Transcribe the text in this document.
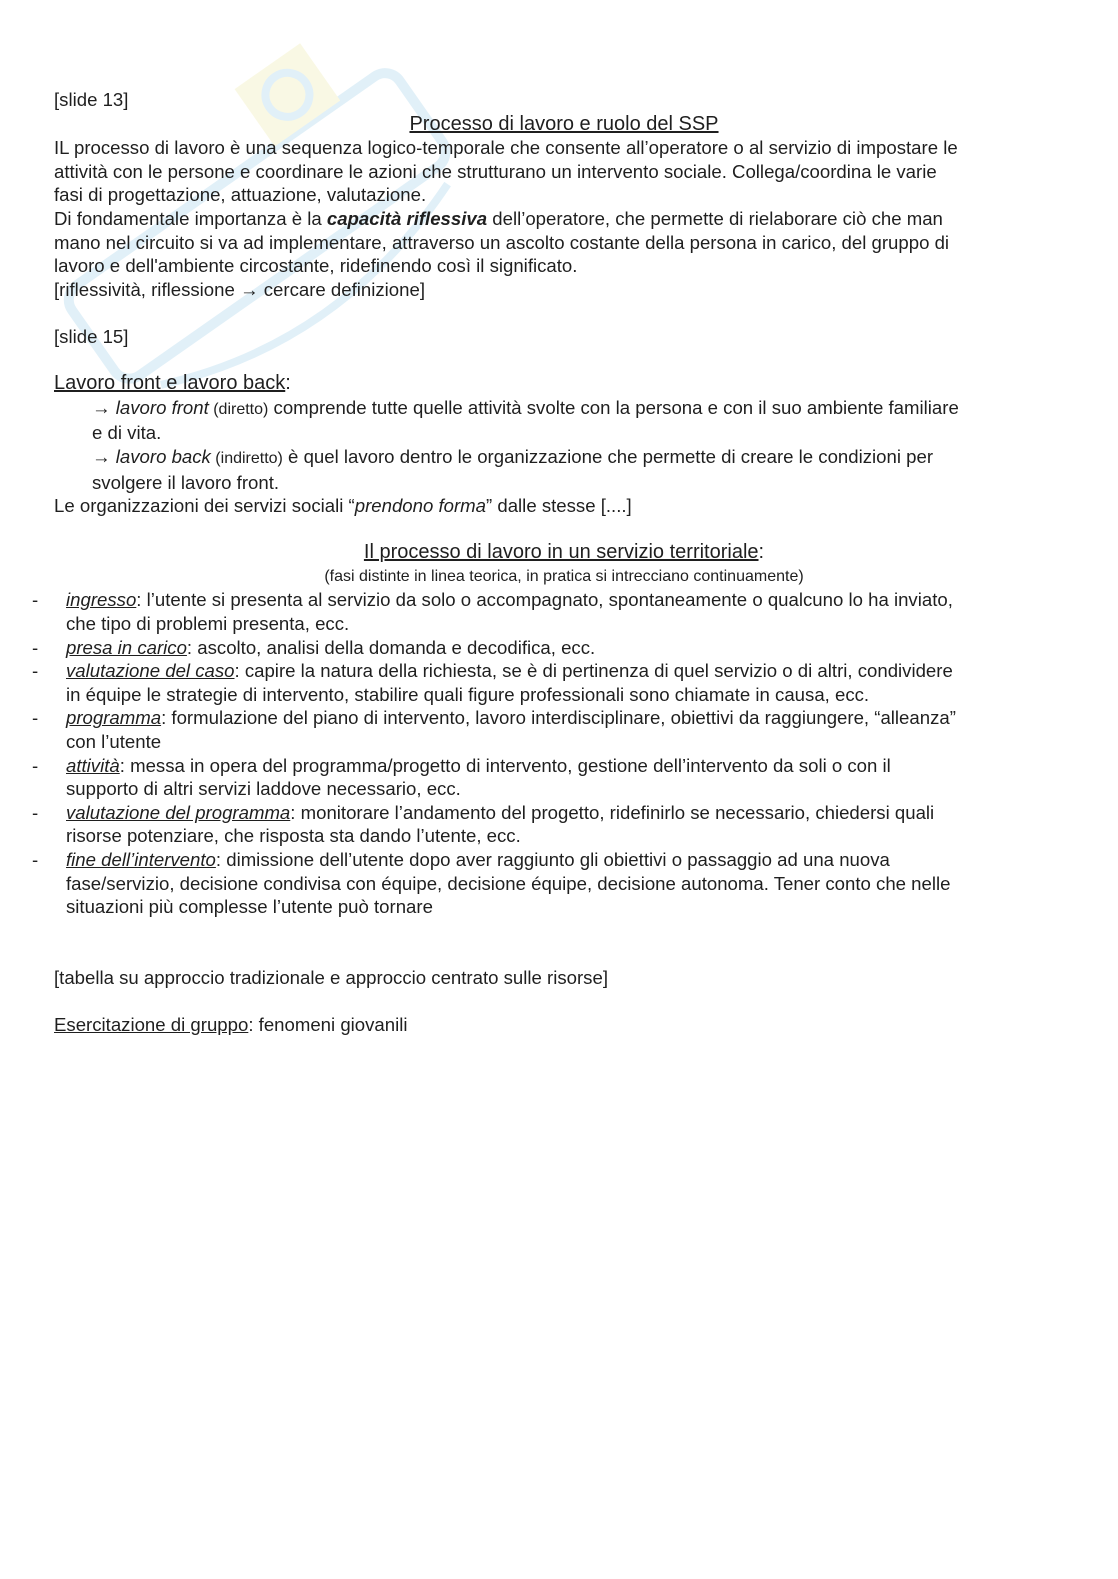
[slide 13]

Processo di lavoro e ruolo del SSP

IL processo di lavoro è una sequenza logico-temporale che consente all’operatore o al servizio di impostare le

attività con le persone e coordinare le azioni che strutturano un intervento sociale. Collega/coordina le varie

fasi di progettazione, attuazione, valutazione.

Di fondamentale importanza è la capacità riflessiva dell’operatore, che permette di rielaborare ciò che man

mano nel circuito si va ad implementare, attraverso un ascolto costante della persona in carico, del gruppo di

lavoro e dell'ambiente circostante, ridefinendo così il significato.

[riflessività, riflessione → cercare definizione]

[slide 15]

Lavoro front e lavoro back:

→ lavoro front (diretto) comprende tutte quelle attività svolte con la persona e con il suo ambiente familiare

e di vita.

→ lavoro back (indiretto) è quel lavoro dentro le organizzazione che permette di creare le condizioni per

svolgere il lavoro front.

Le organizzazioni dei servizi sociali “prendono forma” dalle stesse [....]

Il processo di lavoro in un servizio territoriale:

(fasi distinte in linea teorica, in pratica si intrecciano continuamente)

- ingresso: l’utente si presenta al servizio da solo o accompagnato, spontaneamente o qualcuno lo ha inviato,

che tipo di problemi presenta, ecc.

- presa in carico: ascolto, analisi della domanda e decodifica, ecc.

- valutazione del caso: capire la natura della richiesta, se è di pertinenza di quel servizio o di altri, condividere

in équipe le strategie di intervento, stabilire quali figure professionali sono chiamate in causa, ecc.

- programma: formulazione del piano di intervento, lavoro interdisciplinare, obiettivi da raggiungere, “alleanza”

con l’utente

- attività: messa in opera del programma/progetto di intervento, gestione dell’intervento da soli o con il

supporto di altri servizi laddove necessario, ecc.

- valutazione del programma: monitorare l’andamento del progetto, ridefinirlo se necessario, chiedersi quali

risorse potenziare, che risposta sta dando l’utente, ecc.

- fine dell’intervento: dimissione dell’utente dopo aver raggiunto gli obiettivi o passaggio ad una nuova

fase/servizio, decisione condivisa con équipe, decisione équipe, decisione autonoma. Tener conto che nelle

situazioni più complesse l’utente può tornare

[tabella su approccio tradizionale e approccio centrato sulle risorse]

Esercitazione di gruppo: fenomeni giovanili
